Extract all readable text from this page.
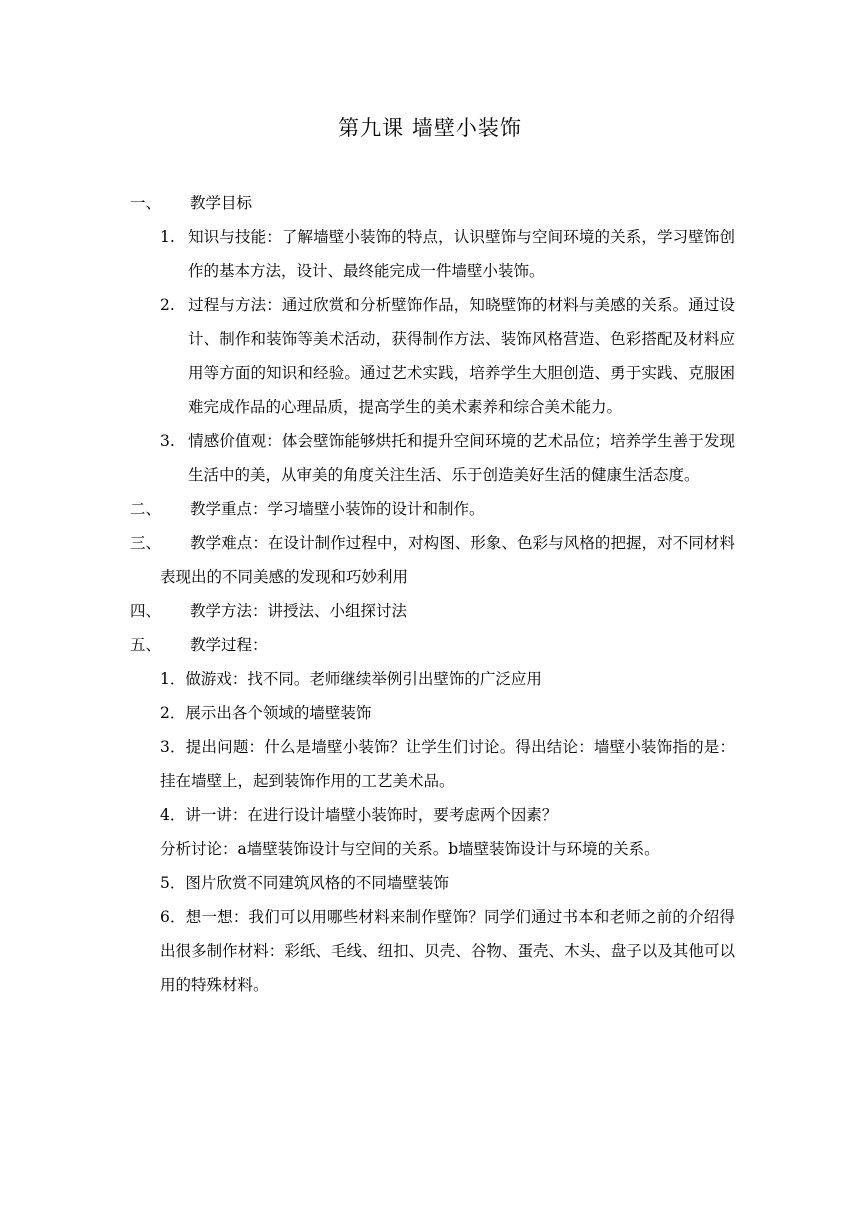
第九课 墙壁小装饰
一、 教学目标

1. 知识与技能：了解墙壁小装饰的特点，认识壁饰与空间环境的关系，学习壁饰创作的基本方法，设计、最终能完成一件墙壁小装饰。

2. 过程与方法：通过欣赏和分析壁饰作品，知晓壁饰的材料与美感的关系。通过设计、制作和装饰等美术活动，获得制作方法、装饰风格营造、色彩搭配及材料应用等方面的知识和经验。通过艺术实践，培养学生大胆创造、勇于实践、克服困难完成作品的心理品质，提高学生的美术素养和综合美术能力。

3. 情感价值观：体会壁饰能够烘托和提升空间环境的艺术品位；培养学生善于发现生活中的美，从审美的角度关注生活、乐于创造美好生活的健康生活态度。

二、 教学重点：学习墙壁小装饰的设计和制作。

三、 教学难点：在设计制作过程中，对构图、形象、色彩与风格的把握，对不同材料表现出的不同美感的发现和巧妙利用

四、 教学方法：讲授法、小组探讨法

五、 教学过程：

1．做游戏：找不同。老师继续举例引出壁饰的广泛应用

2．展示出各个领域的墙壁装饰

3．提出问题：什么是墙壁小装饰？让学生们讨论。得出结论：墙壁小装饰指的是：挂在墙壁上，起到装饰作用的工艺美术品。

4．讲一讲：在进行设计墙壁小装饰时，要考虑两个因素？

分析讨论：a墙壁装饰设计与空间的关系。b墙壁装饰设计与环境的关系。

5．图片欣赏不同建筑风格的不同墙壁装饰

6．想一想：我们可以用哪些材料来制作壁饰？同学们通过书本和老师之前的介绍得出很多制作材料：彩纸、毛线、纽扣、贝壳、谷物、蛋壳、木头、盘子以及其他可以用的特殊材料。
